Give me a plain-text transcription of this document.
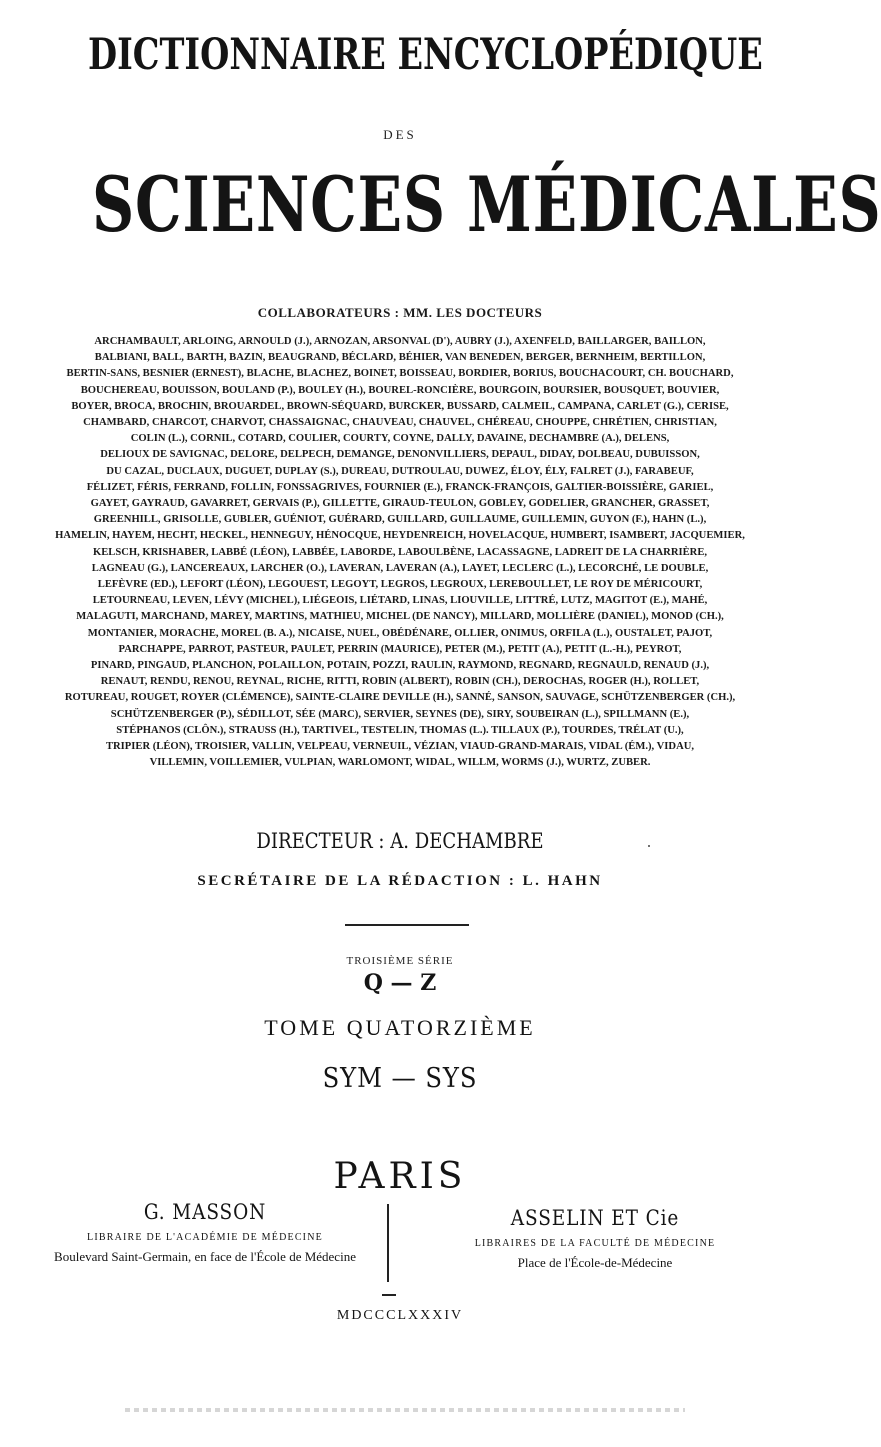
DICTIONNAIRE ENCYCLOPÉDIQUE
DES
SCIENCES MÉDICALES
COLLABORATEURS : MM. LES DOCTEURS
ARCHAMBAULT, ARLOING, ARNOULD (J.), ARNOZAN, ARSONVAL (D'), AUBRY (J.), AXENFELD, BAILLARGER, BAILLON,
BALBIANI, BALL, BARTH, BAZIN, BEAUGRAND, BÉCLARD, BÉHIER, VAN BENEDEN, BERGER, BERNHEIM, BERTILLON,
BERTIN-SANS, BESNIER (ERNEST), BLACHE, BLACHEZ, BOINET, BOISSEAU, BORDIER, BORIUS, BOUCHACOURT, CH. BOUCHARD,
BOUCHEREAU, BOUISSON, BOULAND (P.), BOULEY (H.), BOUREL-RONCIÈRE, BOURGOIN, BOURSIER, BOUSQUET, BOUVIER,
BOYER, BROCA, BROCHIN, BROUARDEL, BROWN-SÉQUARD, BURCKER, BUSSARD, CALMEIL, CAMPANA, CARLET (G.), CERISE,
CHAMBARD, CHARCOT, CHARVOT, CHASSAIGNAC, CHAUVEAU, CHAUVEL, CHÉREAU, CHOUPPE, CHRÉTIEN, CHRISTIAN,
COLIN (L.), CORNIL, COTARD, COULIER, COURTY, COYNE, DALLY, DAVAINE, DECHAMBRE (A.), DELENS,
DELIOUX DE SAVIGNAC, DELORE, DELPECH, DEMANGE, DENONVILLIERS, DEPAUL, DIDAY, DOLBEAU, DUBUISSON,
DU CAZAL, DUCLAUX, DUGUET, DUPLAY (S.), DUREAU, DUTROULAU, DUWEZ, ÉLOY, ÉLY, FALRET (J.), FARABEUF,
FÉLIZET, FÉRIS, FERRAND, FOLLIN, FONSSAGRIVES, FOURNIER (E.), FRANCK-FRANÇOIS, GALTIER-BOISSIÈRE, GARIEL,
GAYET, GAYRAUD, GAVARRET, GERVAIS (P.), GILLETTE, GIRAUD-TEULON, GOBLEY, GODELIER, GRANCHER, GRASSET,
GREENHILL, GRISOLLE, GUBLER, GUÉNIOT, GUÉRARD, GUILLARD, GUILLAUME, GUILLEMIN, GUYON (F.), HAHN (L.),
HAMELIN, HAYEM, HECHT, HECKEL, HENNEGUY, HÉNOCQUE, HEYDENREICH, HOVELACQUE, HUMBERT, ISAMBERT, JACQUEMIER,
KELSCH, KRISHABER, LABBÉ (LÉON), LABBÉE, LABORDE, LABOULBÈNE, LACASSAGNE, LADREIT DE LA CHARRIÈRE,
LAGNEAU (G.), LANCEREAUX, LARCHER (O.), LAVERAN, LAVERAN (A.), LAYET, LECLERC (L.), LECORCHÉ, LE DOUBLE,
LEFÈVRE (ED.), LEFORT (LÉON), LEGOUEST, LEGOYT, LEGROS, LEGROUX, LEREBOULLET, LE ROY DE MÉRICOURT,
LETOURNEAU, LEVEN, LÉVY (MICHEL), LIÉGEOIS, LIÉTARD, LINAS, LIOUVILLE, LITTRÉ, LUTZ, MAGITOT (E.), MAHÉ,
MALAGUTI, MARCHAND, MAREY, MARTINS, MATHIEU, MICHEL (DE NANCY), MILLARD, MOLLIÈRE (DANIEL), MONOD (CH.),
MONTANIER, MORACHE, MOREL (B. A.), NICAISE, NUEL, OBÉDÉNARE, OLLIER, ONIMUS, ORFILA (L.), OUSTALET, PAJOT,
PARCHAPPE, PARROT, PASTEUR, PAULET, PERRIN (MAURICE), PETER (M.), PETIT (A.), PETIT (L.-H.), PEYROT,
PINARD, PINGAUD, PLANCHON, POLAILLON, POTAIN, POZZI, RAULIN, RAYMOND, REGNARD, REGNAULD, RENAUD (J.),
RENAUT, RENDU, RENOU, REYNAL, RICHE, RITTI, ROBIN (ALBERT), ROBIN (CH.), DEROCHAS, ROGER (H.), ROLLET,
ROTUREAU, ROUGET, ROYER (CLÉMENCE), SAINTE-CLAIRE DEVILLE (H.), SANNÉ, SANSON, SAUVAGE, SCHÜTZENBERGER (CH.),
SCHÜTZENBERGER (P.), SÉDILLOT, SÉE (MARC), SERVIER, SEYNES (DE), SIRY, SOUBEIRAN (L.), SPILLMANN (E.),
STÉPHANOS (CLÔN.), STRAUSS (H.), TARTIVEL, TESTELIN, THOMAS (L.). TILLAUX (P.), TOURDES, TRÉLAT (U.),
TRIPIER (LÉON), TROISIER, VALLIN, VELPEAU, VERNEUIL, VÉZIAN, VIAUD-GRAND-MARAIS, VIDAL (ÉM.), VIDAU,
VILLEMIN, VOILLEMIER, VULPIAN, WARLOMONT, WIDAL, WILLM, WORMS (J.), WURTZ, ZUBER.
DIRECTEUR : A. DECHAMBRE
SECRÉTAIRE DE LA RÉDACTION : L. HAHN
TROISIÈME SÉRIE
Q — Z
TOME QUATORZIÈME
SYM — SYS
PARIS
G. MASSON
LIBRAIRE DE L'ACADÉMIE DE MÉDECINE
Boulevard Saint-Germain, en face de l'École de Médecine
ASSELIN ET Cie
LIBRAIRES DE LA FACULTÉ DE MÉDECINE
Place de l'École-de-Médecine
MDCCCLXXXIV
